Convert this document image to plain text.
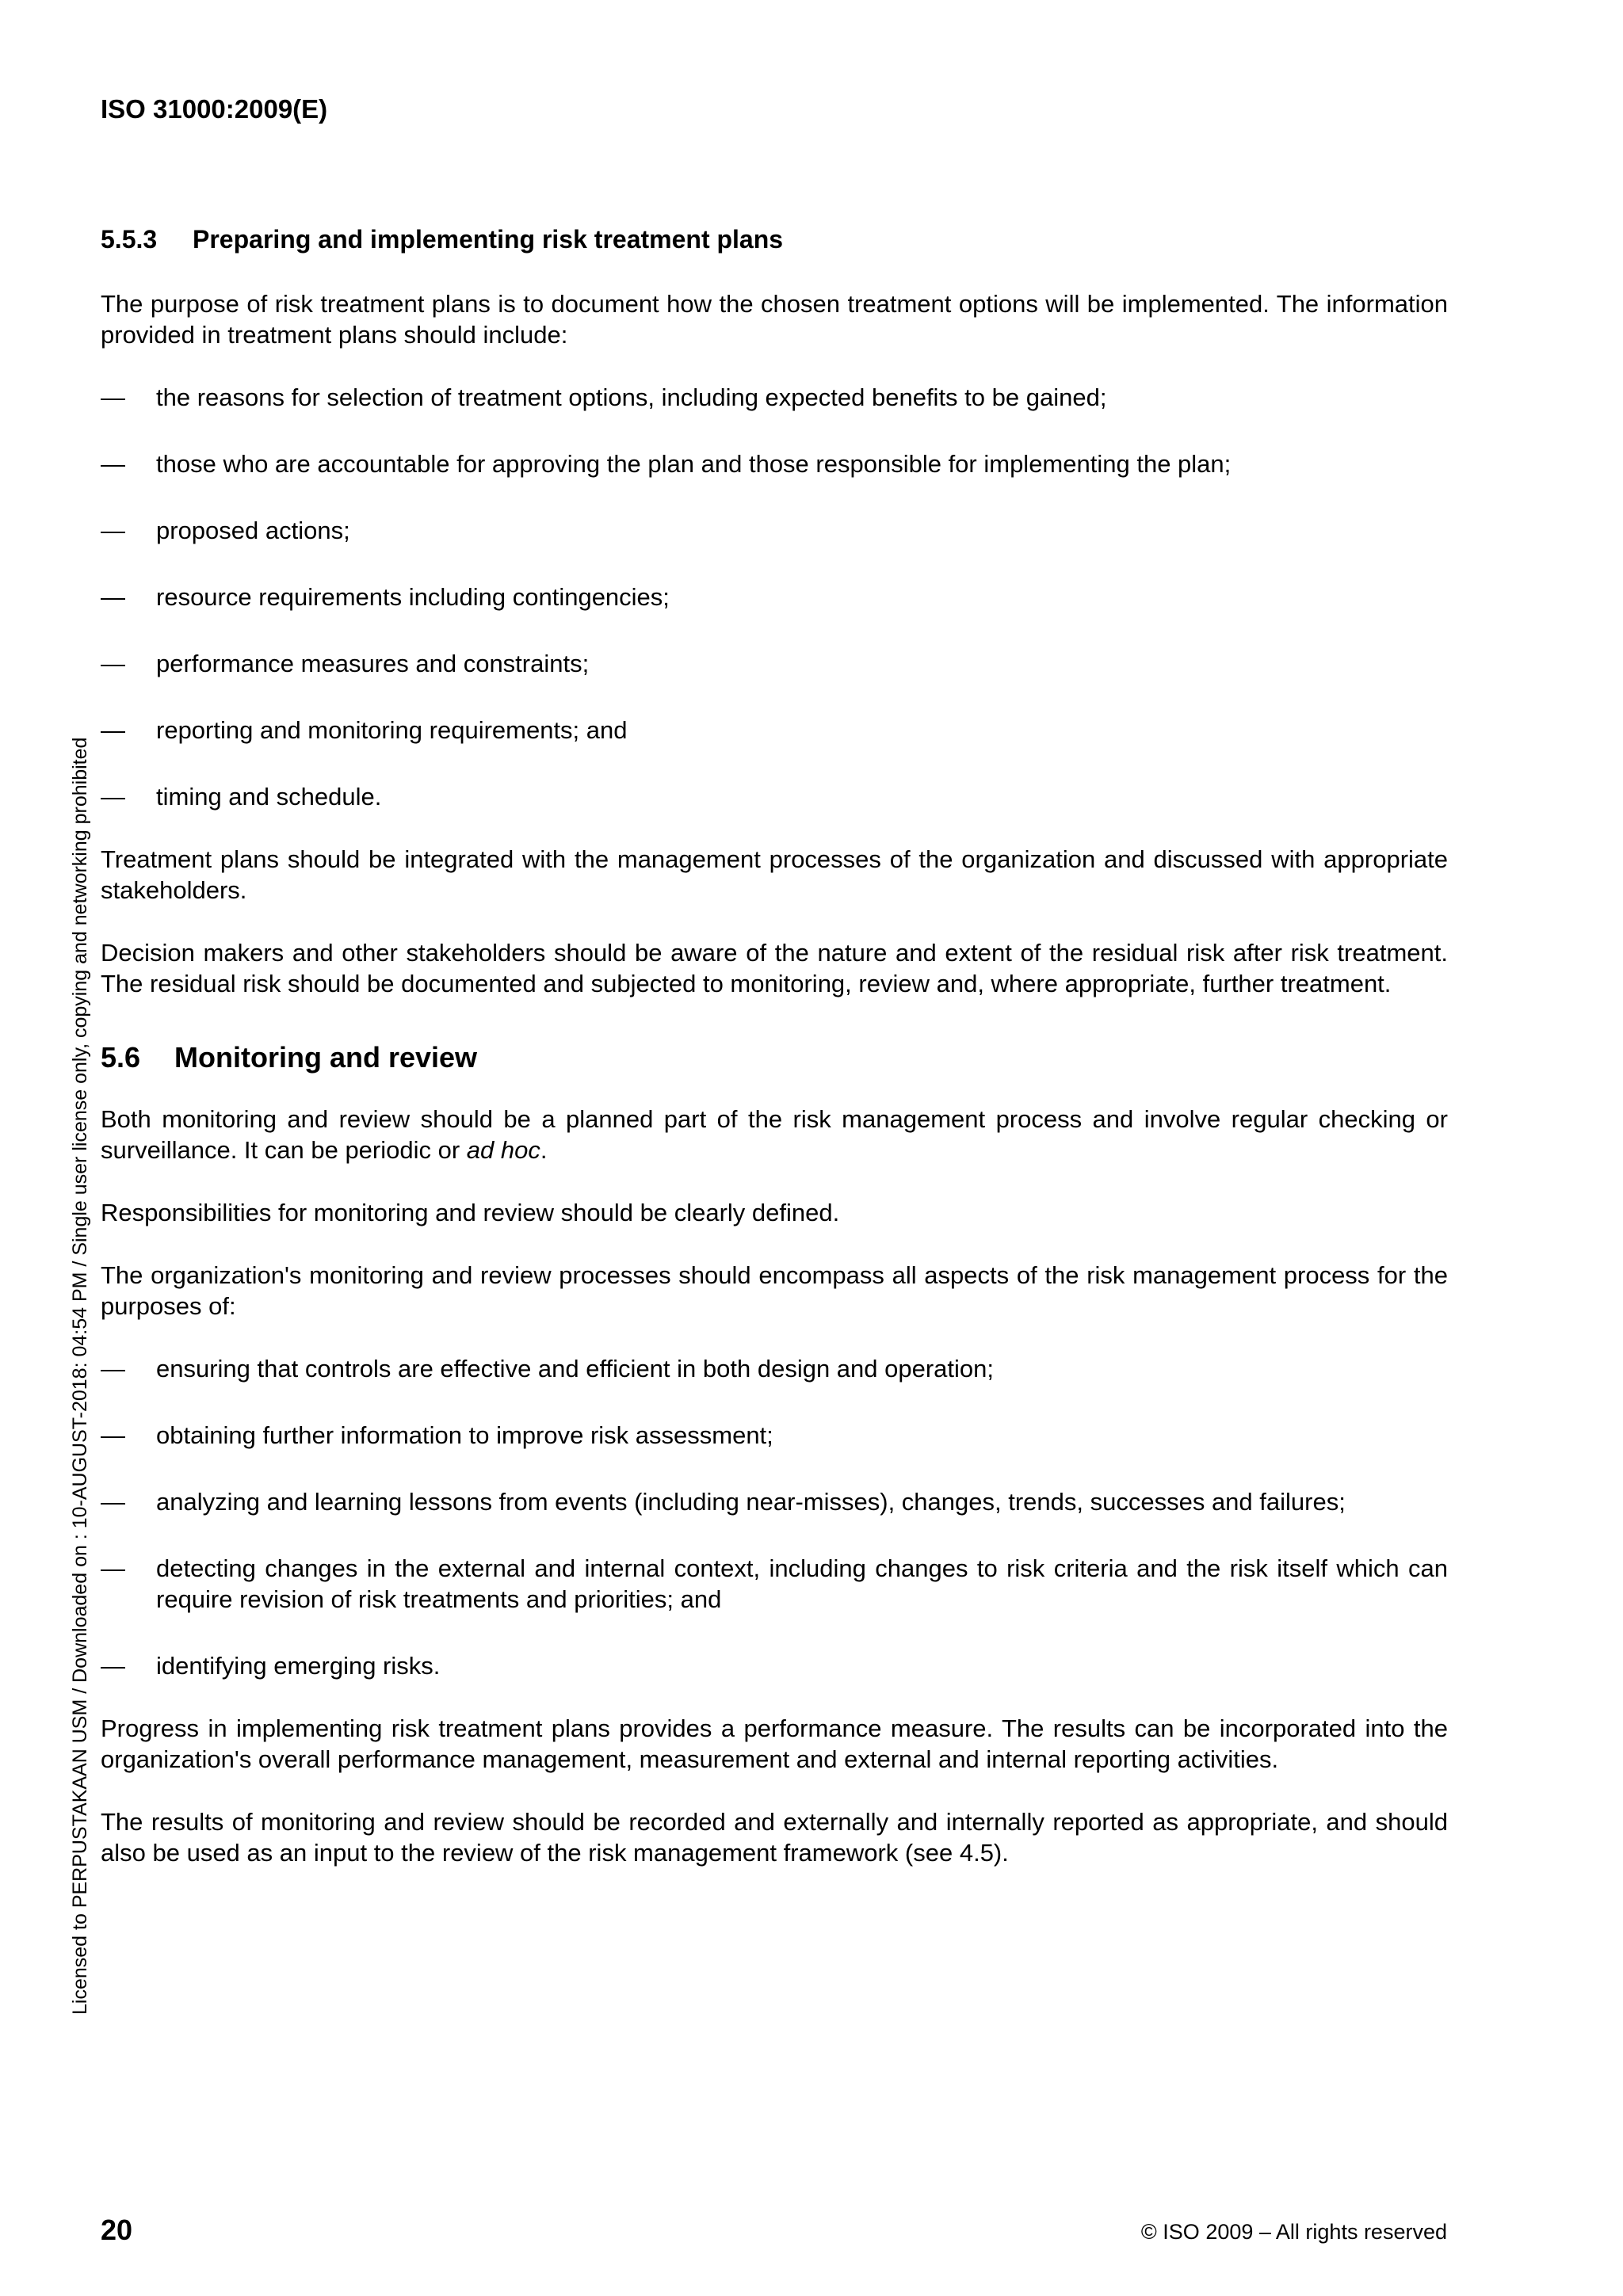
ISO 31000:2009(E)
Licensed to PERPUSTAKAAN USM / Downloaded on : 10-AUGUST-2018: 04:54 PM / Single user license only, copying and networking prohibited
5.5.3 Preparing and implementing risk treatment plans

The purpose of risk treatment plans is to document how the chosen treatment options will be implemented. The information provided in treatment plans should include:

— the reasons for selection of treatment options, including expected benefits to be gained;
— those who are accountable for approving the plan and those responsible for implementing the plan;
— proposed actions;
— resource requirements including contingencies;
— performance measures and constraints;
— reporting and monitoring requirements; and
— timing and schedule.

Treatment plans should be integrated with the management processes of the organization and discussed with appropriate stakeholders.

Decision makers and other stakeholders should be aware of the nature and extent of the residual risk after risk treatment. The residual risk should be documented and subjected to monitoring, review and, where appropriate, further treatment.

5.6 Monitoring and review

Both monitoring and review should be a planned part of the risk management process and involve regular checking or surveillance. It can be periodic or ad hoc.

Responsibilities for monitoring and review should be clearly defined.

The organization's monitoring and review processes should encompass all aspects of the risk management process for the purposes of:

— ensuring that controls are effective and efficient in both design and operation;
— obtaining further information to improve risk assessment;
— analyzing and learning lessons from events (including near-misses), changes, trends, successes and failures;
— detecting changes in the external and internal context, including changes to risk criteria and the risk itself which can require revision of risk treatments and priorities; and
— identifying emerging risks.

Progress in implementing risk treatment plans provides a performance measure. The results can be incorporated into the organization's overall performance management, measurement and external and internal reporting activities.

The results of monitoring and review should be recorded and externally and internally reported as appropriate, and should also be used as an input to the review of the risk management framework (see 4.5).

20	© ISO 2009 – All rights reserved
